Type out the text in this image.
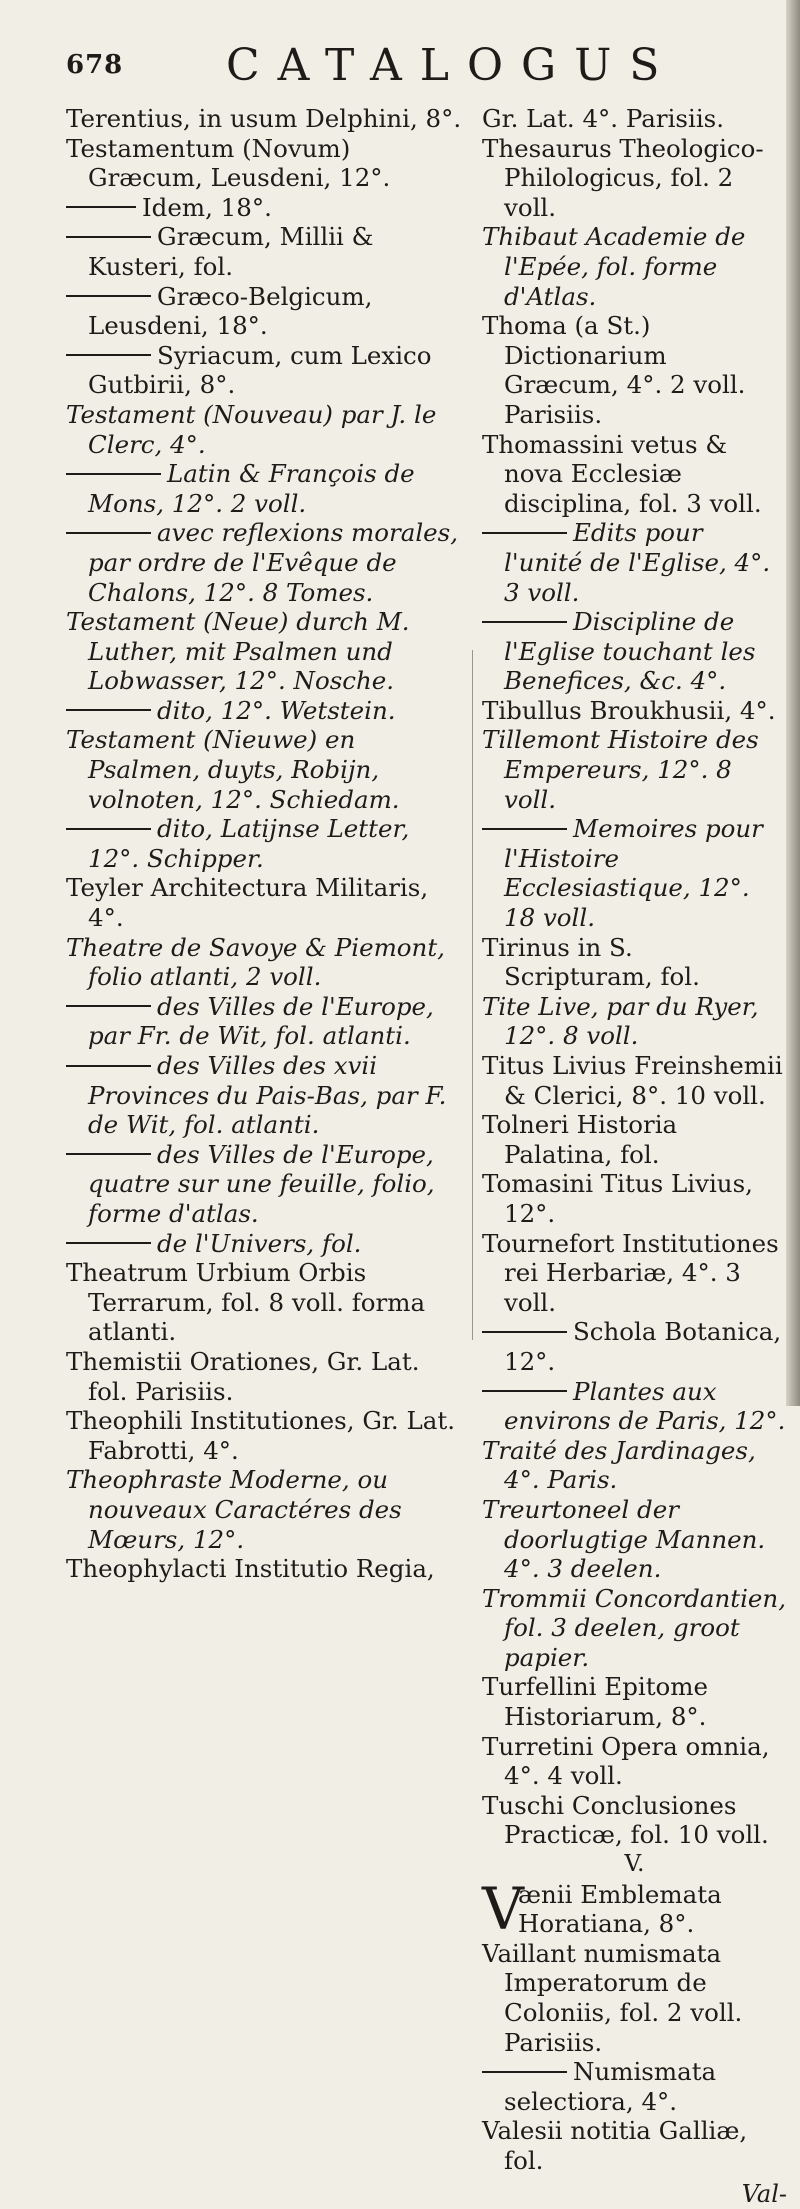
678 CATALOGUS
Terentius, in usum Delphini, 8°.
Testamentum (Novum) Græcum, Leusdeni, 12°.
Idem, 18°.
Græcum, Millii & Kusteri, fol.
Græco-Belgicum, Leusdeni, 18°.
Syriacum, cum Lexico Gutbirii, 8°.
Testament (Nouveau) par J. le Clerc, 4°.
Latin & François de Mons, 12°. 2 voll.
avec reflexions morales, par ordre de l'Evêque de Chalons, 12°. 8 Tomes.
Testament (Neue) durch M. Luther, mit Psalmen und Lobwasser, 12°. Nosche.
dito, 12°. Wetstein.
Testament (Nieuwe) en Psalmen, duyts, Robijn, volnoten, 12°. Schiedam.
dito, Latijnse Letter, 12°. Schipper.
Teyler Architectura Militaris, 4°.
Theatre de Savoye & Piemont, folio atlanti, 2 voll.
des Villes de l'Europe, par Fr. de Wit, fol. atlanti.
des Villes des xvii Provinces du Pais-Bas, par F. de Wit, fol. atlanti.
des Villes de l'Europe, quatre sur une feuille, folio, forme d'atlas.
de l'Univers, fol.
Theatrum Urbium Orbis Terrarum, fol. 8 voll. forma atlanti.
Themistii Orationes, Gr. Lat. fol. Parisiis.
Theophili Institutiones, Gr. Lat. Fabrotti, 4°.
Theophraste Moderne, ou nouveaux Caractéres des Mœurs, 12°.
Theophylacti Institutio Regia,
Gr. Lat. 4°. Parisiis.
Thesaurus Theologico-Philologicus, fol. 2 voll.
Thibaut Academie de l'Epée, fol. forme d'Atlas.
Thoma (a St.) Dictionarium Græcum, 4°. 2 voll. Parisiis.
Thomassini vetus & nova Ecclesiæ disciplina, fol. 3 voll.
Edits pour l'unité de l'Eglise, 4°. 3 voll.
Discipline de l'Eglise touchant les Benefices, &c. 4°.
Tibullus Broukhusii, 4°.
Tillemont Histoire des Empereurs, 12°. 8 voll.
Memoires pour l'Histoire Ecclesiastique, 12°. 18 voll.
Tirinus in S. Scripturam, fol.
Tite Live, par du Ryer, 12°. 8 voll.
Titus Livius Freinshemii & Clerici, 8°. 10 voll.
Tolneri Historia Palatina, fol.
Tomasini Titus Livius, 12°.
Tournefort Institutiones rei Herbariæ, 4°. 3 voll.
Schola Botanica, 12°.
Plantes aux environs de Paris, 12°.
Traité des Jardinages, 4°. Paris.
Treurtoneel der doorlugtige Mannen. 4°. 3 deelen.
Trommii Concordantien, fol. 3 deelen, groot papier.
Turfellini Epitome Historiarum, 8°.
Turretini Opera omnia, 4°. 4 voll.
Tuschi Conclusiones Practicæ, fol. 10 voll.
V.
V
ænii Emblemata Horatiana, 8°.
Vaillant numismata Imperatorum de Coloniis, fol. 2 voll. Parisiis.
Numismata selectiora, 4°.
Valesii notitia Galliæ, fol.
Val-
